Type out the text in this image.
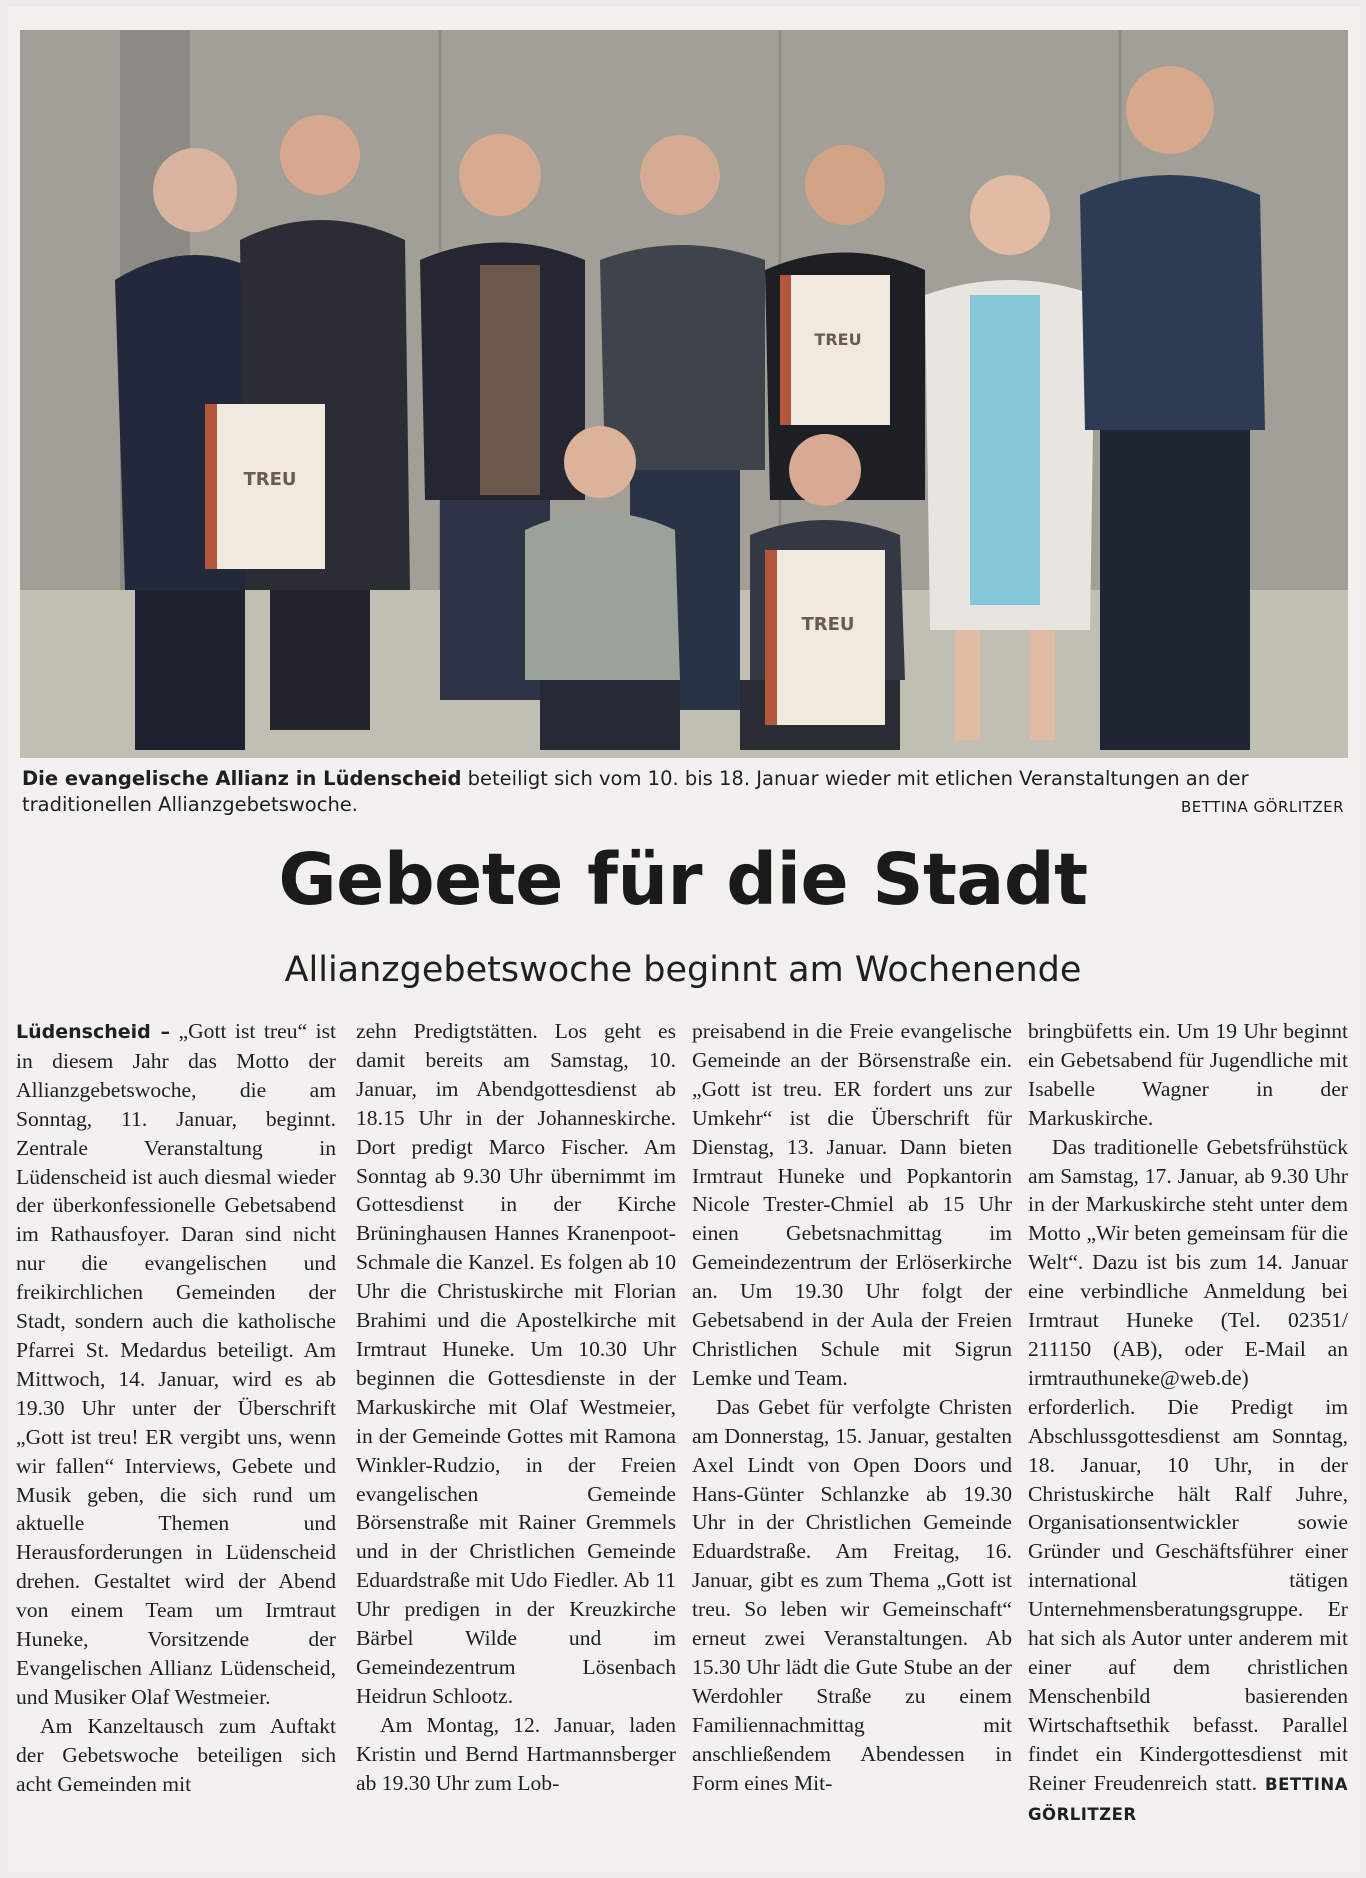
TREU
TREU
TREU
Die evangelische Allianz in Lüdenscheid beteiligt sich vom 10. bis 18. Januar wieder mit etlichen Veranstaltungen an der traditionellen Allianzgebetswoche.	BETTINA GÖRLITZER
Gebete für die Stadt
Allianzgebetswoche beginnt am Wochenende

Lüdenscheid – „Gott ist treu“ ist in diesem Jahr das Motto der Allianzgebetswoche, die am Sonntag, 11. Januar, beginnt. Zentrale Veranstaltung in Lüdenscheid ist auch diesmal wieder der überkonfessionelle Gebetsabend im Rathausfoyer. Daran sind nicht nur die evangelischen und freikirchlichen Gemeinden der Stadt, sondern auch die katholische Pfarrei St. Medardus beteiligt. Am Mittwoch, 14. Januar, wird es ab 19.30 Uhr unter der Überschrift „Gott ist treu! ER vergibt uns, wenn wir fallen“ Interviews, Gebete und Musik geben, die sich rund um aktuelle Themen und Herausforderungen in Lüdenscheid drehen. Gestaltet wird der Abend von einem Team um Irmtraut Huneke, Vorsitzende der Evangelischen Allianz Lüdenscheid, und Musiker Olaf Westmeier.

Am Kanzeltausch zum Auftakt der Gebetswoche beteiligen sich acht Gemeinden mit

zehn Predigtstätten. Los geht es damit bereits am Samstag, 10. Januar, im Abendgottesdienst ab 18.15 Uhr in der Johanneskirche. Dort predigt Marco Fischer. Am Sonntag ab 9.30 Uhr übernimmt im Gottesdienst in der Kirche Brüninghausen Hannes Kranenpoot-Schmale die Kanzel. Es folgen ab 10 Uhr die Christuskirche mit Florian Brahimi und die Apostelkirche mit Irmtraut Huneke. Um 10.30 Uhr beginnen die Gottesdienste in der Markuskirche mit Olaf Westmeier, in der Gemeinde Gottes mit Ramona Winkler-Rudzio, in der Freien evangelischen Gemeinde Börsenstraße mit Rainer Gremmels und in der Christlichen Gemeinde Eduardstraße mit Udo Fiedler. Ab 11 Uhr predigen in der Kreuzkirche Bärbel Wilde und im Gemeindezentrum Lösenbach Heidrun Schlootz.

Am Montag, 12. Januar, laden Kristin und Bernd Hartmannsberger ab 19.30 Uhr zum Lob-

preisabend in die Freie evangelische Gemeinde an der Börsenstraße ein. „Gott ist treu. ER fordert uns zur Umkehr“ ist die Überschrift für Dienstag, 13. Januar. Dann bieten Irmtraut Huneke und Popkantorin Nicole Trester-Chmiel ab 15 Uhr einen Gebetsnachmittag im Gemeindezentrum der Erlöserkirche an. Um 19.30 Uhr folgt der Gebetsabend in der Aula der Freien Christlichen Schule mit Sigrun Lemke und Team.

Das Gebet für verfolgte Christen am Donnerstag, 15. Januar, gestalten Axel Lindt von Open Doors und Hans-Günter Schlanzke ab 19.30 Uhr in der Christlichen Gemeinde Eduardstraße. Am Freitag, 16. Januar, gibt es zum Thema „Gott ist treu. So leben wir Gemeinschaft“ erneut zwei Veranstaltungen. Ab 15.30 Uhr lädt die Gute Stube an der Werdohler Straße zu einem Familiennachmittag mit anschließendem Abendessen in Form eines Mit-

bringbüfetts ein. Um 19 Uhr beginnt ein Gebetsabend für Jugendliche mit Isabelle Wagner in der Markuskirche.

Das traditionelle Gebetsfrühstück am Samstag, 17. Januar, ab 9.30 Uhr in der Markuskirche steht unter dem Motto „Wir beten gemeinsam für die Welt“. Dazu ist bis zum 14. Januar eine verbindliche Anmeldung bei Irmtraut Huneke (Tel. 02351/ 211150 (AB), oder E-Mail an irmtrauthuneke@web.de) erforderlich. Die Predigt im Abschlussgottesdienst am Sonntag, 18. Januar, 10 Uhr, in der Christuskirche hält Ralf Juhre, Organisationsentwickler sowie Gründer und Geschäftsführer einer international tätigen Unternehmensberatungsgruppe. Er hat sich als Autor unter anderem mit einer auf dem christlichen Menschenbild basierenden Wirtschaftsethik befasst. Parallel findet ein Kindergottesdienst mit Reiner Freudenreich statt. BETTINA GÖRLITZER
